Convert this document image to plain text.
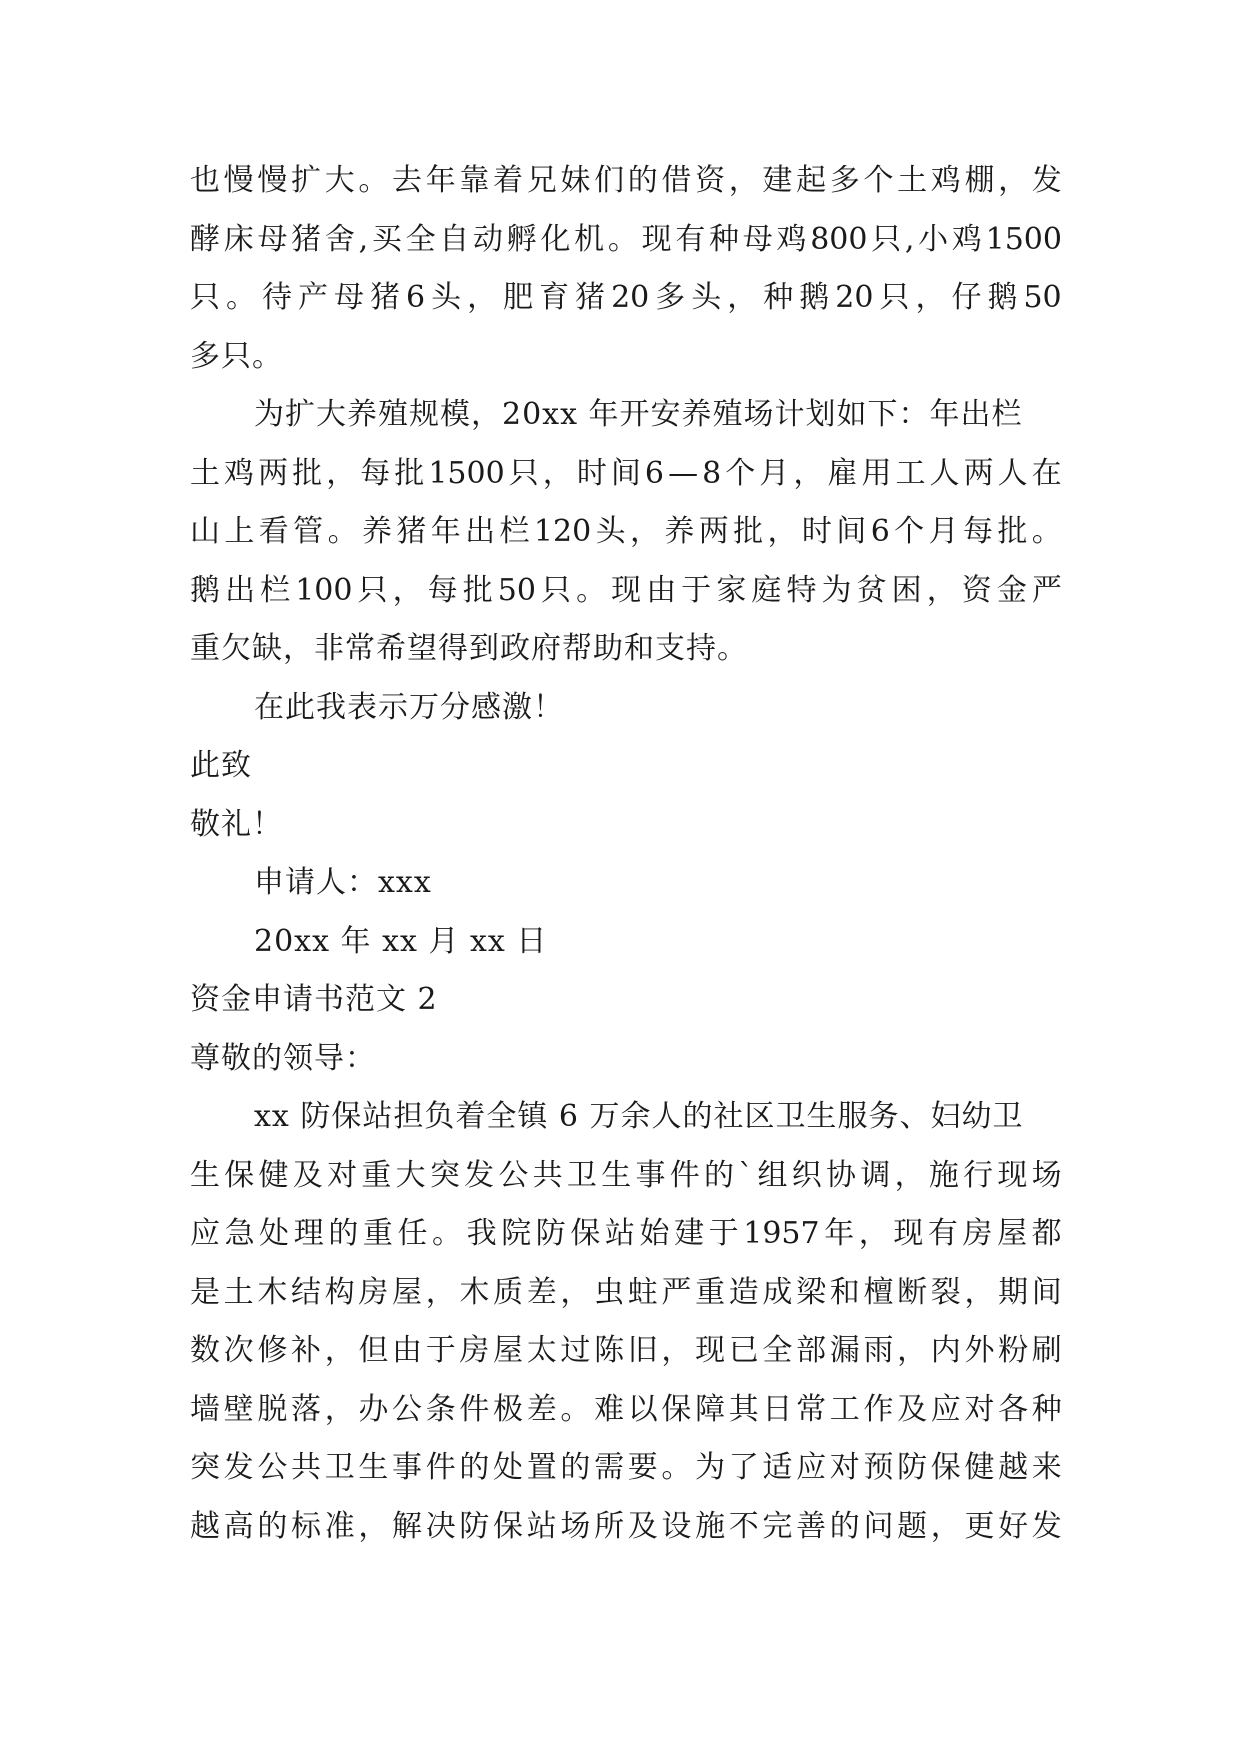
也 慢 慢 扩 大 。 去 年 靠 着 兄 妹 们 的 借 资 ， 建 起 多 个 土 鸡 棚 ， 发
酵 床 母 猪 舍 , 买 全 自 动 孵 化 机 。 现 有 种 母 鸡 800 只 , 小 鸡 1500
只 。 待 产 母 猪 6 头 ， 肥 育 猪 20 多 头 ， 种 鹅 20 只 ， 仔 鹅 50
多只。
为扩大养殖规模，20xx 年开安养殖场计划如下：年出栏
土 鸡 两 批 ， 每 批 1500 只 ， 时 间 6 — 8 个 月 ， 雇 用 工 人 两 人 在
山 上 看 管 。 养 猪 年 出 栏 120 头 ， 养 两 批 ， 时 间 6 个 月 每 批 。
鹅 出 栏 100 只 ， 每 批 50 只 。 现 由 于 家 庭 特 为 贫 困 ， 资 金 严
重欠缺，非常希望得到政府帮助和支持。
在此我表示万分感激！
此致
敬礼！
申请人：xxx
20xx 年 xx 月 xx 日
资金申请书范文 2
尊敬的领导：
xx 防保站担负着全镇 6 万余人的社区卫生服务、妇幼卫
生 保 健 及 对 重 大 突 发 公 共 卫 生 事 件 的 ` 组 织 协 调 ， 施 行 现 场
应 急 处 理 的 重 任 。 我 院 防 保 站 始 建 于 1957 年 ， 现 有 房 屋 都
是 土 木 结 构 房 屋 ， 木 质 差 ， 虫 蛀 严 重 造 成 梁 和 檀 断 裂 ， 期 间
数 次 修 补 ， 但 由 于 房 屋 太 过 陈 旧 ， 现 已 全 部 漏 雨 ， 内 外 粉 刷
墙 壁 脱 落 ， 办 公 条 件 极 差 。 难 以 保 障 其 日 常 工 作 及 应 对 各 种
突 发 公 共 卫 生 事 件 的 处 置 的 需 要 。 为 了 适 应 对 预 防 保 健 越 来
越 高 的 标 准 ， 解 决 防 保 站 场 所 及 设 施 不 完 善 的 问 题 ， 更 好 发
